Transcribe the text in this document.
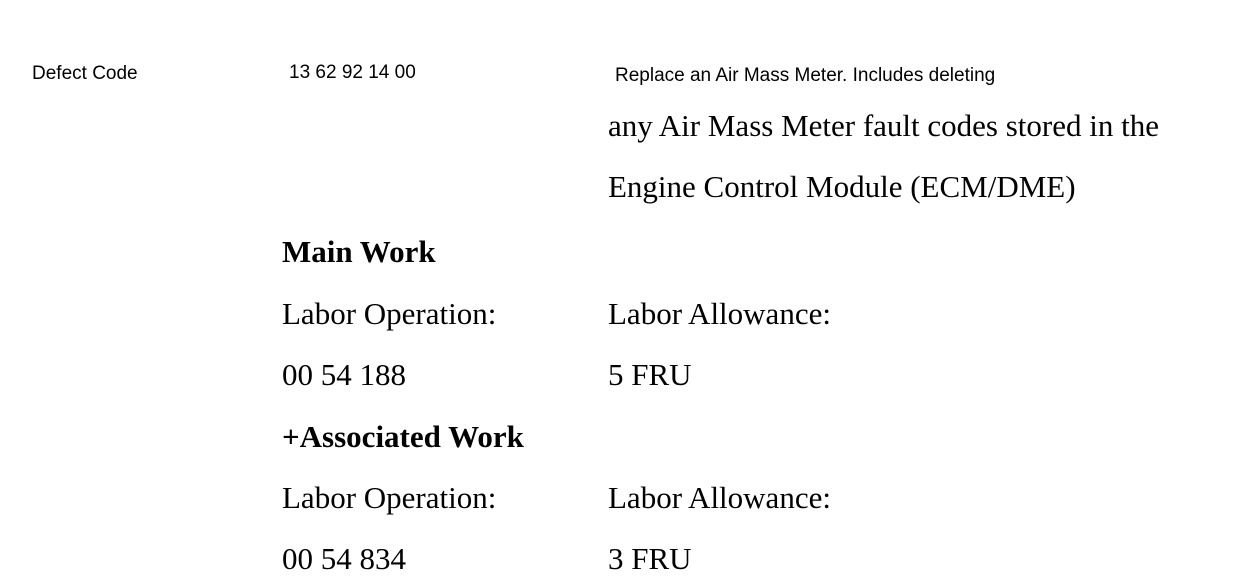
Defect Code	13 62 92 14 00	Replace an Air Mass Meter. Includes deleting
any Air Mass Meter fault codes stored in the
Engine Control Module (ECM/DME)
Main Work
Labor Operation:	Labor Allowance:
00 54 188	5 FRU
+Associated Work
Labor Operation:	Labor Allowance:
00 54 834	3 FRU
